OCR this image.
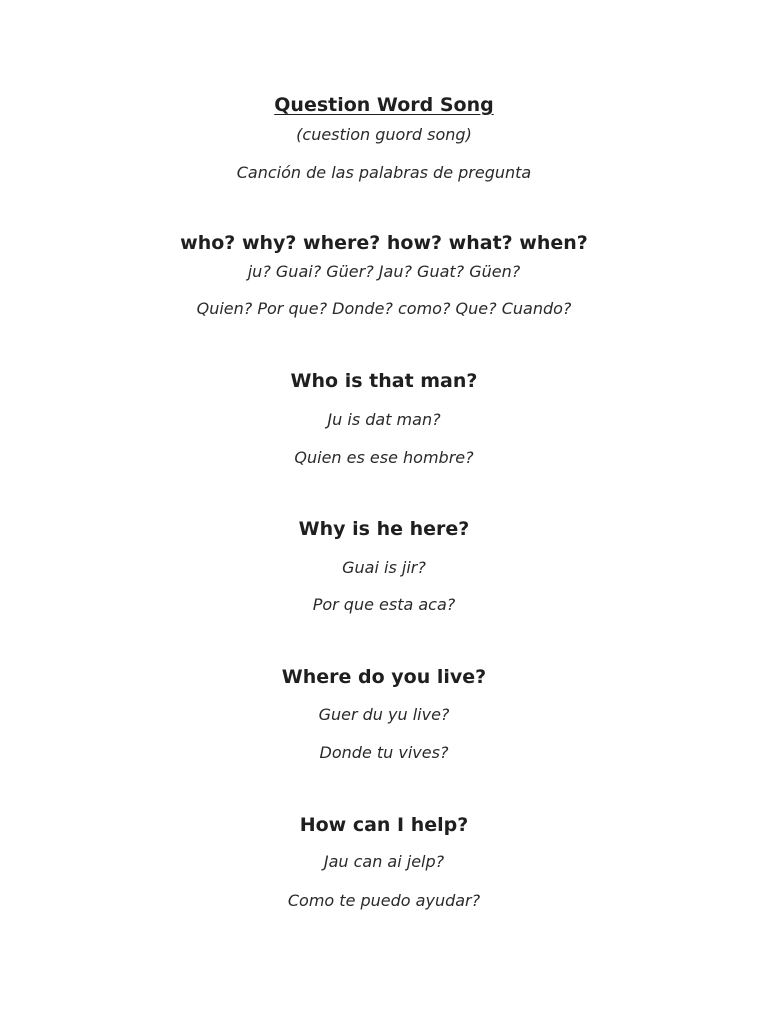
Question Word Song
(cuestion guord song)
Canción de las palabras de pregunta
who? why? where? how? what? when?
ju? Guai? Güer? Jau? Guat? Güen?
Quien? Por que? Donde? como? Que? Cuando?
Who is that man?
Ju is dat man?
Quien es ese hombre?
Why is he here?
Guai is jir?
Por que esta aca?
Where do you live?
Guer du yu live?
Donde tu vives?
How can I help?
Jau can ai jelp?
Como te puedo ayudar?
